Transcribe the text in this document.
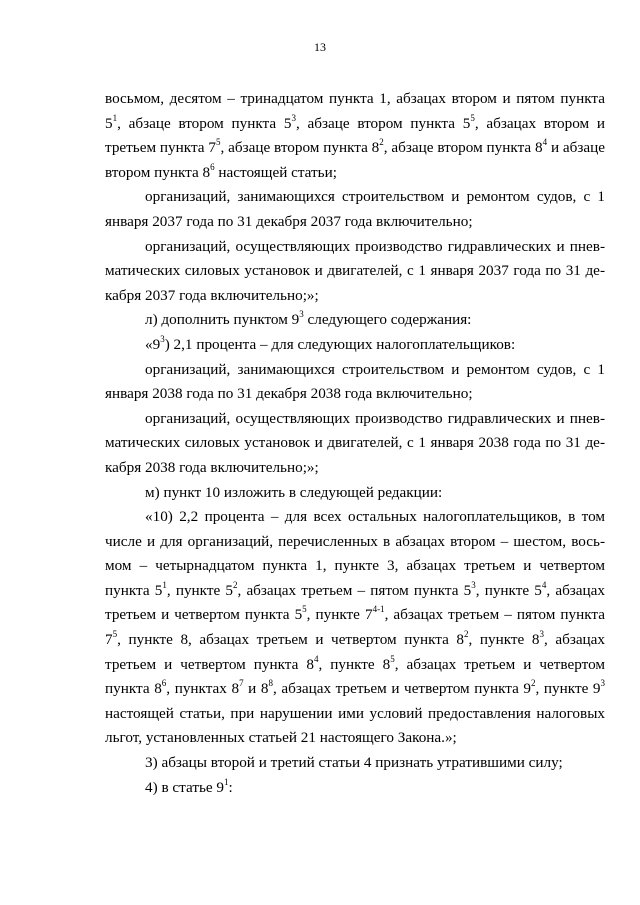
13

восьмом, десятом – тринадцатом пункта 1, абзацах втором и пятом пункта $5^1$, абзаце втором пункта $5^3$, абзаце втором пункта $5^5$, абзацах втором и третьем пункта $7^5$, абзаце втором пункта $8^2$, абзаце втором пункта $8^4$ и абзаце втором пункта $8^6$ настоящей статьи;

организаций, занимающихся строительством и ремонтом судов, с 1 января 2037 года по 31 декабря 2037 года включительно;

организаций, осуществляющих производство гидравлических и пневматических силовых установок и двигателей, с 1 января 2037 года по 31 декабря 2037 года включительно;»;

л) дополнить пунктом $9^3$ следующего содержания:

«$9^3$) 2,1 процента – для следующих налогоплательщиков:

организаций, занимающихся строительством и ремонтом судов, с 1 января 2038 года по 31 декабря 2038 года включительно;

организаций, осуществляющих производство гидравлических и пневматических силовых установок и двигателей, с 1 января 2038 года по 31 декабря 2038 года включительно;»;

м) пункт 10 изложить в следующей редакции:

«10) 2,2 процента – для всех остальных налогоплательщиков, в том числе и для организаций, перечисленных в абзацах втором – шестом, восьмом – четырнадцатом пункта 1, пункте 3, абзацах третьем и четвертом пункта $5^1$, пункте $5^2$, абзацах третьем – пятом пункта $5^3$, пункте $5^4$, абзацах третьем и четвертом пункта $5^5$, пункте 7$^{4-1}$, абзацах третьем – пятом пункта $7^5$, пункте 8, абзацах третьем и четвертом пункта $8^2$, пункте $8^3$, абзацах третьем и четвертом пункта $8^4$, пункте $8^5$, абзацах третьем и четвертом пункта $8^6$, пунктах $8^7$ и $8^8$, абзацах третьем и четвертом пункта $9^2$, пункте $9^3$ настоящей статьи, при нарушении ими условий предоставления налоговых льгот, установленных статьей 21 настоящего Закона.»;

3) абзацы второй и третий статьи 4 признать утратившими силу;

4) в статье $9^1$:
